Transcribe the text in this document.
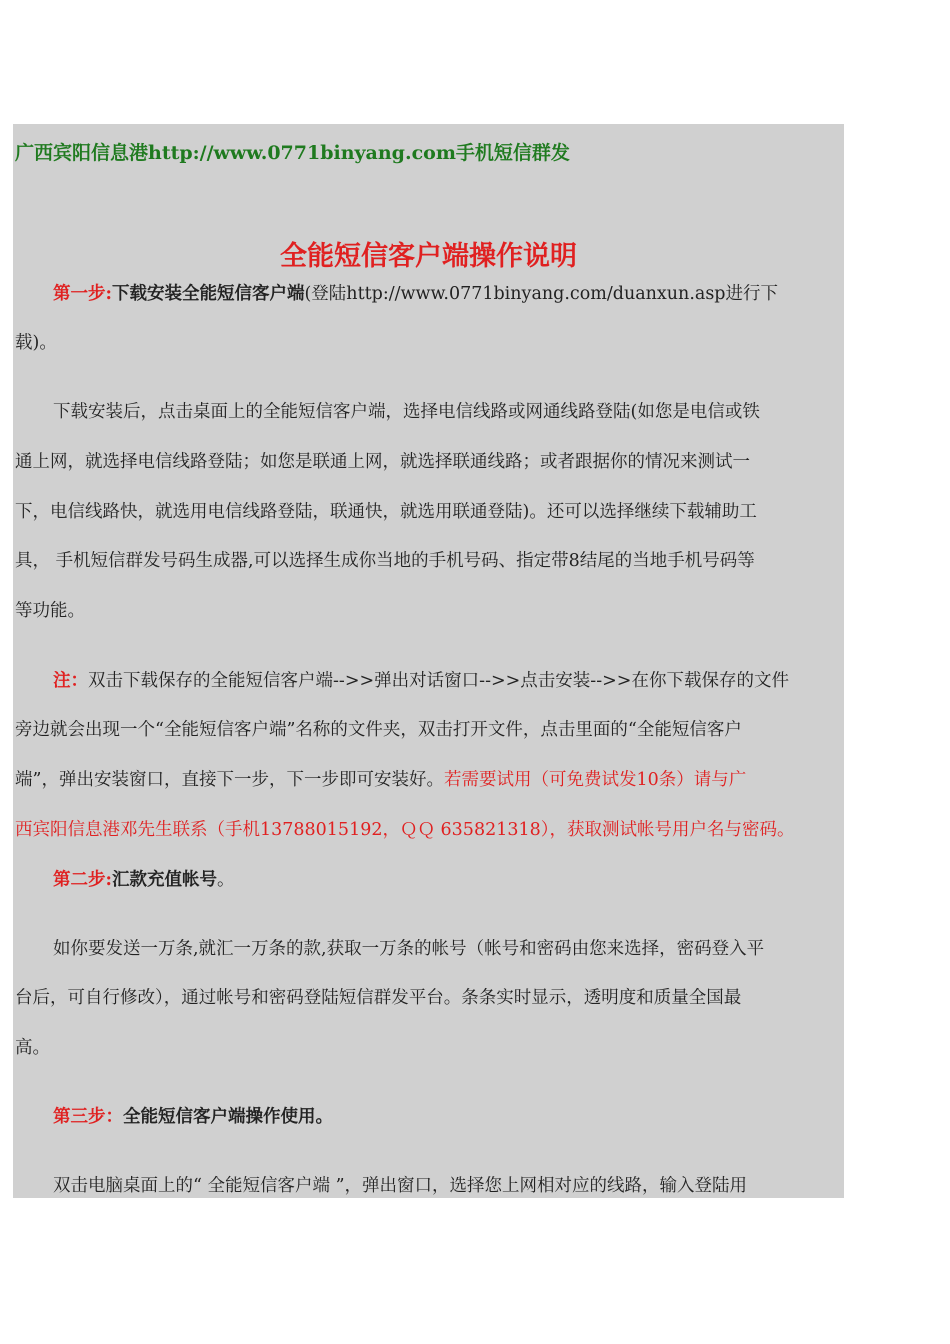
广西宾阳信息港http://www.0771binyang.com手机短信群发
全能短信客户端操作说明
第一步:下载安装全能短信客户端(登陆http://www.0771binyang.com/duanxun.asp进行下
载)。
下载安装后，点击桌面上的全能短信客户端，选择电信线路或网通线路登陆(如您是电信或铁
通上网，就选择电信线路登陆；如您是联通上网，就选择联通线路；或者跟据你的情况来测试一
下，电信线路快，就选用电信线路登陆，联通快，就选用联通登陆)。还可以选择继续下载辅助工
具， 手机短信群发号码生成器,可以选择生成你当地的手机号码、指定带8结尾的当地手机号码等
等功能。
注：双击下载保存的全能短信客户端-->>弹出对话窗口-->>点击安装-->>在你下载保存的文件
旁边就会出现一个“全能短信客户端”名称的文件夹，双击打开文件，点击里面的“全能短信客户
端”，弹出安装窗口，直接下一步，下一步即可安装好。若需要试用（可免费试发10条）请与广
西宾阳信息港邓先生联系（手机13788015192，ＱＱ 635821318），获取测试帐号用户名与密码。
第二步:汇款充值帐号。
如你要发送一万条,就汇一万条的款,获取一万条的帐号（帐号和密码由您来选择，密码登入平
台后，可自行修改），通过帐号和密码登陆短信群发平台。条条实时显示，透明度和质量全国最
高。
第三步：全能短信客户端操作使用。
双击电脑桌面上的“ 全能短信客户端 ”，弹出窗口，选择您上网相对应的线路，输入登陆用
